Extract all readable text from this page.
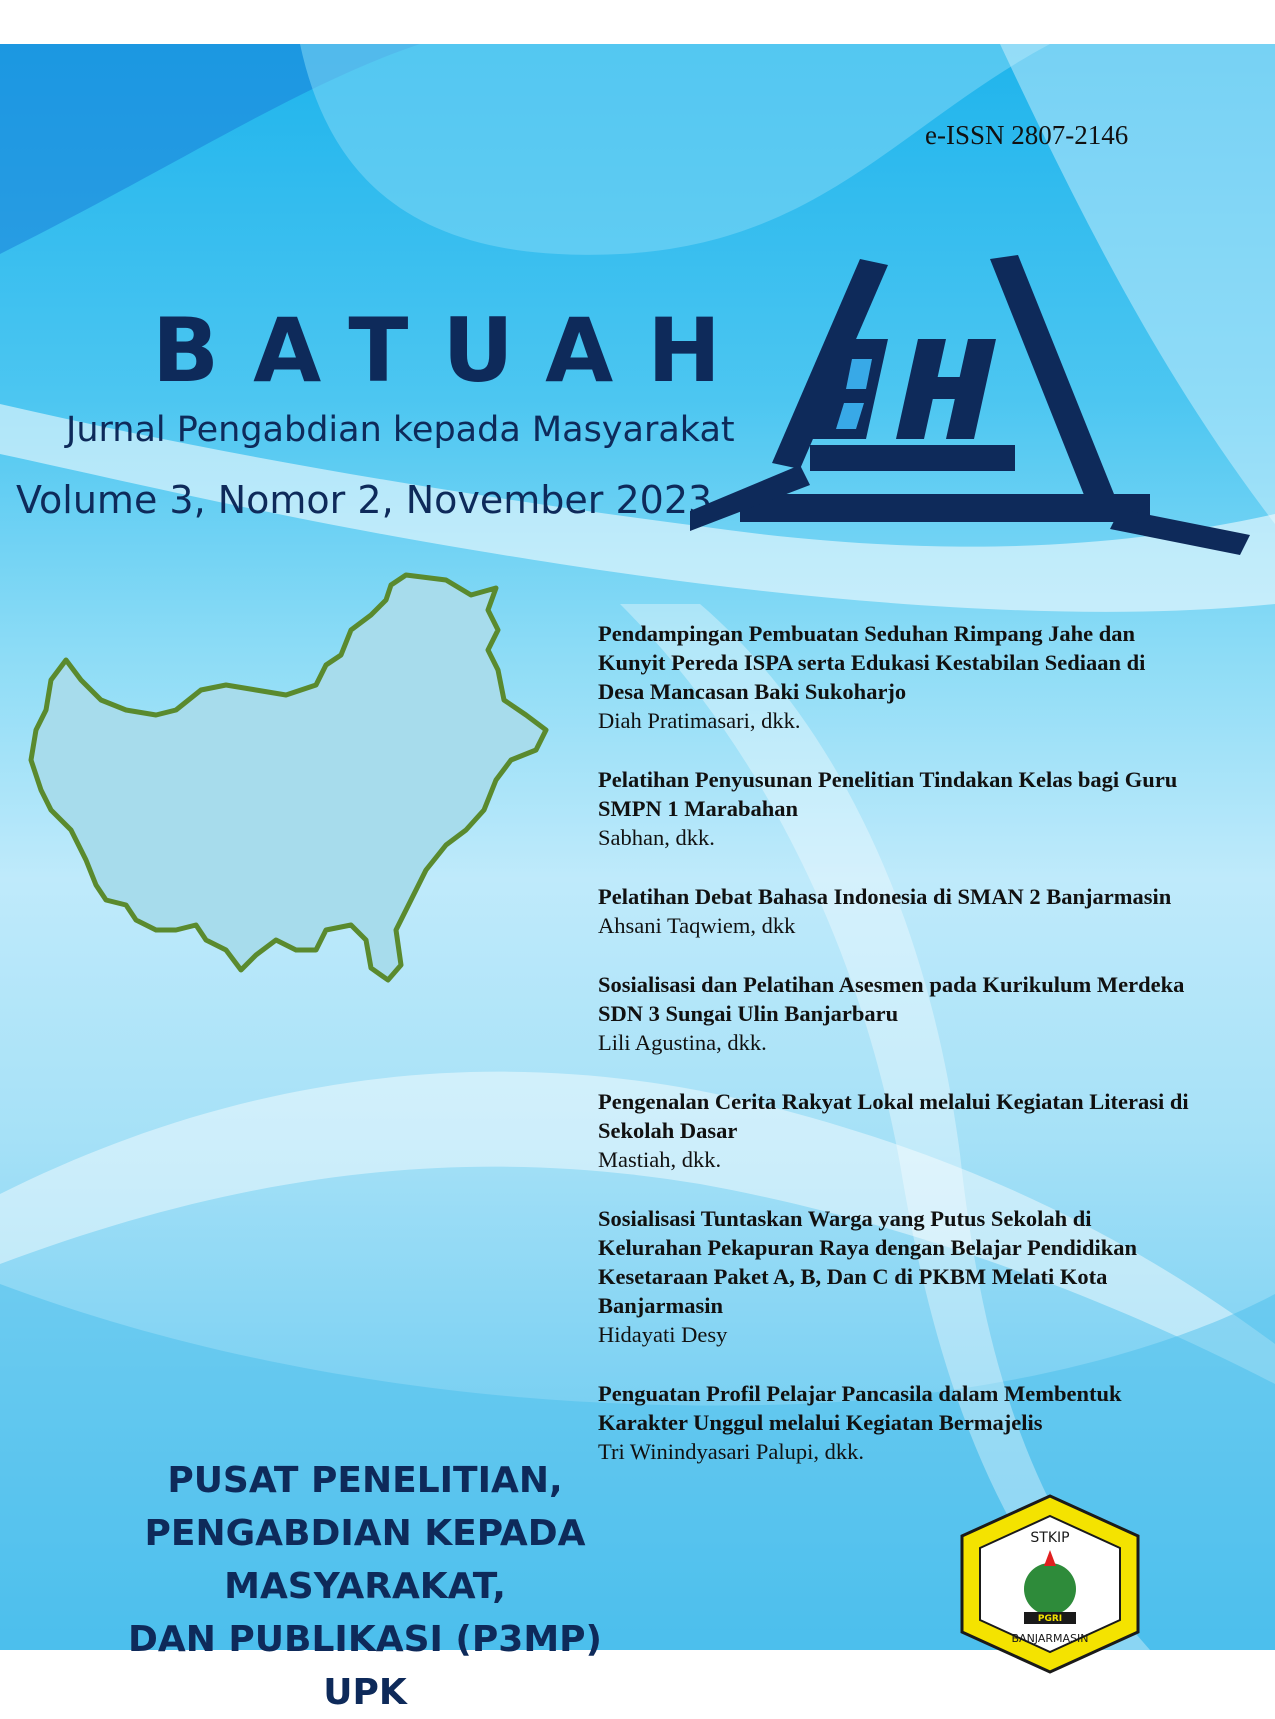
e-ISSN 2807-2146
BATUAH
Jurnal Pengabdian kepada Masyarakat
Volume 3, Nomor 2, November 2023
Pendampingan Pembuatan Seduhan Rimpang Jahe dan
Kunyit Pereda ISPA serta Edukasi Kestabilan Sediaan di
Desa Mancasan Baki Sukoharjo
Diah Pratimasari, dkk.
Pelatihan Penyusunan Penelitian Tindakan Kelas bagi Guru
SMPN 1 Marabahan
Sabhan, dkk.
Pelatihan Debat Bahasa Indonesia di SMAN 2 Banjarmasin
Ahsani Taqwiem, dkk
Sosialisasi dan Pelatihan Asesmen pada Kurikulum Merdeka
SDN 3 Sungai Ulin Banjarbaru
Lili Agustina, dkk.
Pengenalan Cerita Rakyat Lokal melalui Kegiatan Literasi di
Sekolah Dasar
Mastiah, dkk.
Sosialisasi Tuntaskan Warga yang Putus Sekolah di
Kelurahan Pekapuran Raya dengan Belajar Pendidikan
Kesetaraan Paket A, B, Dan C di PKBM Melati Kota
Banjarmasin
Hidayati Desy
Penguatan Profil Pelajar Pancasila dalam Membentuk
Karakter Unggul melalui Kegiatan Bermajelis
Tri Winindyasari Palupi, dkk.
PUSAT PENELITIAN,
PENGABDIAN KEPADA MASYARAKAT,
DAN PUBLIKASI (P3MP)
UPK
STKIP
PGRI
BANJARMASIN
